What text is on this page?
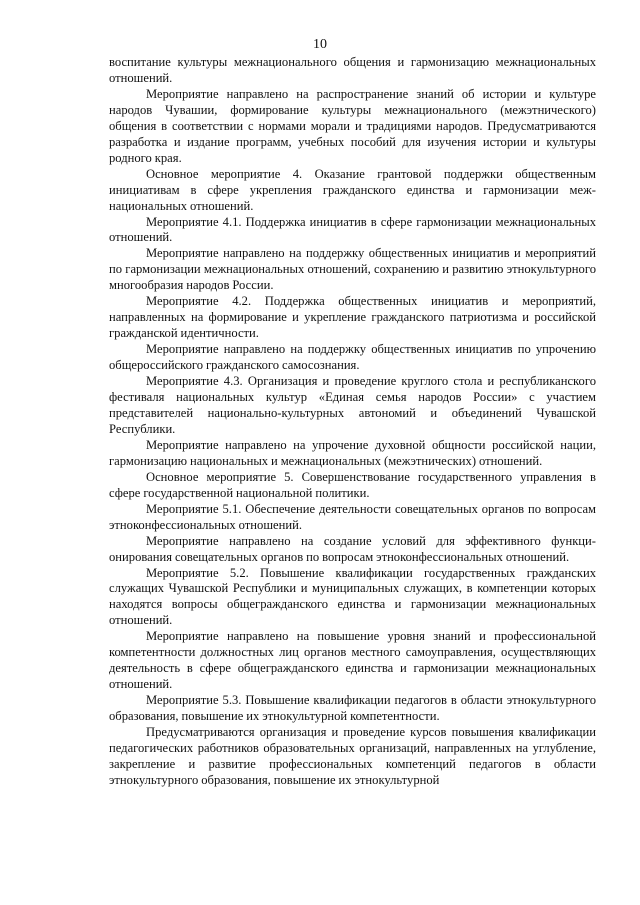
10

воспитание культуры межнационального общения и гармонизацию межнациональных отношений.

Мероприятие направлено на распространение знаний об истории и культуре народов Чувашии, формирование культуры межнационального (межэтнического) общения в соответствии с нормами морали и традициями народов. Предусматриваются разработка и издание программ, учебных пособий для изучения истории и культуры родного края.

Основное мероприятие 4. Оказание грантовой поддержки общественным инициативам в сфере укрепления гражданского единства и гармонизации межнациональных отношений.

Мероприятие 4.1. Поддержка инициатив в сфере гармонизации межнациональных отношений.

Мероприятие направлено на поддержку общественных инициатив и мероприятий по гармонизации межнациональных отношений, сохранению и развитию этнокультурного многообразия народов России.

Мероприятие 4.2. Поддержка общественных инициатив и мероприятий, направленных на формирование и укрепление гражданского патриотизма и российской гражданской идентичности.

Мероприятие направлено на поддержку общественных инициатив по упрочению общероссийского гражданского самосознания.

Мероприятие 4.3. Организация и проведение круглого стола и республиканского фестиваля национальных культур «Единая семья народов России» с участием представителей национально-культурных автономий и объединений Чувашской Республики.

Мероприятие направлено на упрочение духовной общности российской нации, гармонизацию национальных и межнациональных (межэтнических) отношений.

Основное мероприятие 5. Совершенствование государственного управления в сфере государственной национальной политики.

Мероприятие 5.1. Обеспечение деятельности совещательных органов по вопросам этноконфессиональных отношений.

Мероприятие направлено на создание условий для эффективного функционирования совещательных органов по вопросам этноконфессиональных отношений.

Мероприятие 5.2. Повышение квалификации государственных гражданских служащих Чувашской Республики и муниципальных служащих, в компетенции которых находятся вопросы общегражданского единства и гармонизации межнациональных отношений.

Мероприятие направлено на повышение уровня знаний и профессиональной компетентности должностных лиц органов местного самоуправления, осуществляющих деятельность в сфере общегражданского единства и гармонизации межнациональных отношений.

Мероприятие 5.3. Повышение квалификации педагогов в области этнокультурного образования, повышение их этнокультурной компетентности.

Предусматриваются организация и проведение курсов повышения квалификации педагогических работников образовательных организаций, направленных на углубление, закрепление и развитие профессиональных компетенций педагогов в области этнокультурного образования, повышение их этнокультурной
